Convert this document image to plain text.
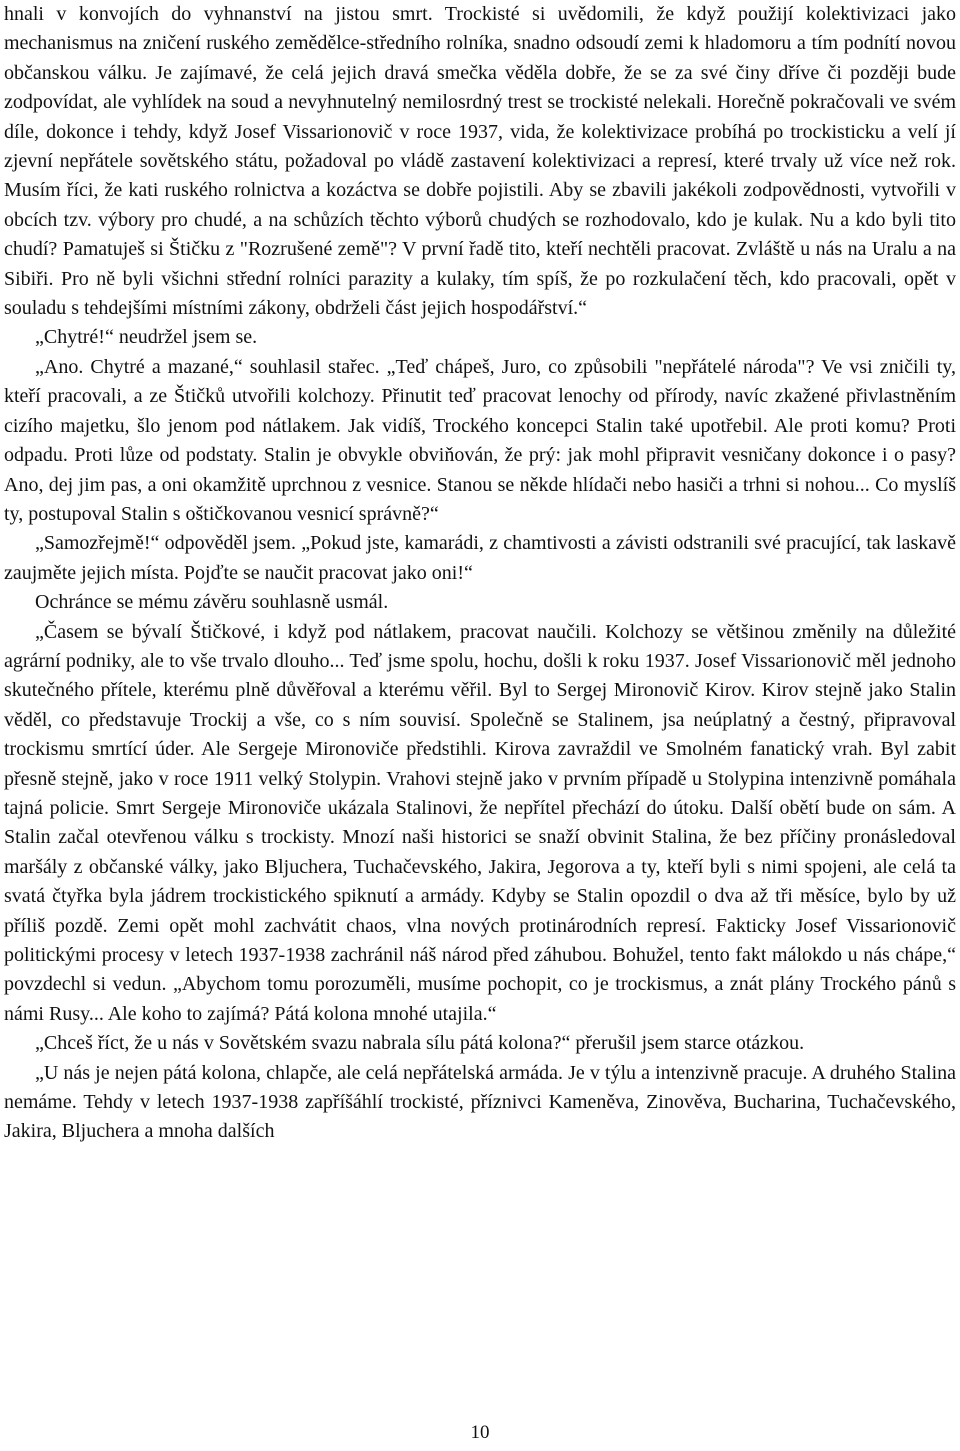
hnali v konvojích do vyhnanství na jistou smrt. Trockisté si uvědomili, že když použijí kolektivizaci jako mechanismus na zničení ruského zemědělce-středního rolníka, snadno odsoudí zemi k hladomoru a tím podnítí novou občanskou válku. Je zajímavé, že celá jejich dravá smečka věděla dobře, že se za své činy dříve či později bude zodpovídat, ale vyhlídek na soud a nevyhnutelný nemilosrdný trest se trockisté nelekali. Horečně pokračovali ve svém díle, dokonce i tehdy, když Josef Vissarionovič v roce 1937, vida, že kolektivizace probíhá po trockisticku a velí jí zjevní nepřátele sovětského státu, požadoval po vládě zastavení kolektivizaci a represí, které trvaly už více než rok. Musím říci, že kati ruského rolnictva a kozáctva se dobře pojistili. Aby se zbavili jakékoli zodpovědnosti, vytvořili v obcích tzv. výbory pro chudé, a na schůzích těchto výborů chudých se rozhodovalo, kdo je kulak. Nu a kdo byli tito chudí? Pamatuješ si Štičku z "Rozrušené země"? V první řadě tito, kteří nechtěli pracovat. Zvláště u nás na Uralu a na Sibiři. Pro ně byli všichni střední rolníci parazity a kulaky, tím spíš, že po rozkulačení těch, kdo pracovali, opět v souladu s tehdejšími místními zákony, obdrželi část jejich hospodářství.“

„Chytré!“ neudržel jsem se.

„Ano. Chytré a mazané,“ souhlasil stařec. „Teď chápeš, Juro, co způsobili "nepřátelé národa"? Ve vsi zničili ty, kteří pracovali, a ze Štičků utvořili kolchozy. Přinutit teď pracovat lenochy od přírody, navíc zkažené přivlastněním cizího majetku, šlo jenom pod nátlakem. Jak vidíš, Trockého koncepci Stalin také upotřebil. Ale proti komu? Proti odpadu. Proti lůze od podstaty. Stalin je obvykle obviňován, že prý: jak mohl připravit vesničany dokonce i o pasy? Ano, dej jim pas, a oni okamžitě uprchnou z vesnice. Stanou se někde hlídači nebo hasiči a trhni si nohou... Co myslíš ty, postupoval Stalin s oštičkovanou vesnicí správně?“

„Samozřejmě!“ odpověděl jsem. „Pokud jste, kamarádi, z chamtivosti a závisti odstranili své pracující, tak laskavě zaujměte jejich místa. Pojďte se naučit pracovat jako oni!“

Ochránce se mému závěru souhlasně usmál.

„Časem se bývalí Štičkové, i když pod nátlakem, pracovat naučili. Kolchozy se většinou změnily na důležité agrární podniky, ale to vše trvalo dlouho... Teď jsme spolu, hochu, došli k roku 1937. Josef Vissarionovič měl jednoho skutečného přítele, kterému plně důvěřoval a kterému věřil. Byl to Sergej Mironovič Kirov. Kirov stejně jako Stalin věděl, co představuje Trockij a vše, co s ním souvisí. Společně se Stalinem, jsa neúplatný a čestný, připravoval trockismu smrtící úder. Ale Sergeje Mironoviče předstihli. Kirova zavraždil ve Smolném fanatický vrah. Byl zabit přesně stejně, jako v roce 1911 velký Stolypin. Vrahovi stejně jako v prvním případě u Stolypina intenzivně pomáhala tajná policie. Smrt Sergeje Mironoviče ukázala Stalinovi, že nepřítel přechází do útoku. Další obětí bude on sám. A Stalin začal otevřenou válku s trockisty. Mnozí naši historici se snaží obvinit Stalina, že bez příčiny pronásledoval maršály z občanské války, jako Bljuchera, Tuchačevského, Jakira, Jegorova a ty, kteří byli s nimi spojeni, ale celá ta svatá čtyřka byla jádrem trockistického spiknutí a armády. Kdyby se Stalin opozdil o dva až tři měsíce, bylo by už příliš pozdě. Zemi opět mohl zachvátit chaos, vlna nových protinárodních represí. Fakticky Josef Vissarionovič politickými procesy v letech 1937-1938 zachránil náš národ před záhubou. Bohužel, tento fakt málokdo u nás chápe,“ povzdechl si vedun. „Abychom tomu porozuměli, musíme pochopit, co je trockismus, a znát plány Trockého pánů s námi Rusy... Ale koho to zajímá? Pátá kolona mnohé utajila.“

„Chceš říct, že u nás v Sovětském svazu nabrala sílu pátá kolona?“ přerušil jsem starce otázkou.

„U nás je nejen pátá kolona, chlapče, ale celá nepřátelská armáda. Je v týlu a intenzivně pracuje. A druhého Stalina nemáme. Tehdy v letech 1937-1938 zapříšáhlí trockisté, příznivci Kameněva, Zinověva, Bucharina, Tuchačevského, Jakira, Bljuchera a mnoha dalších

10
